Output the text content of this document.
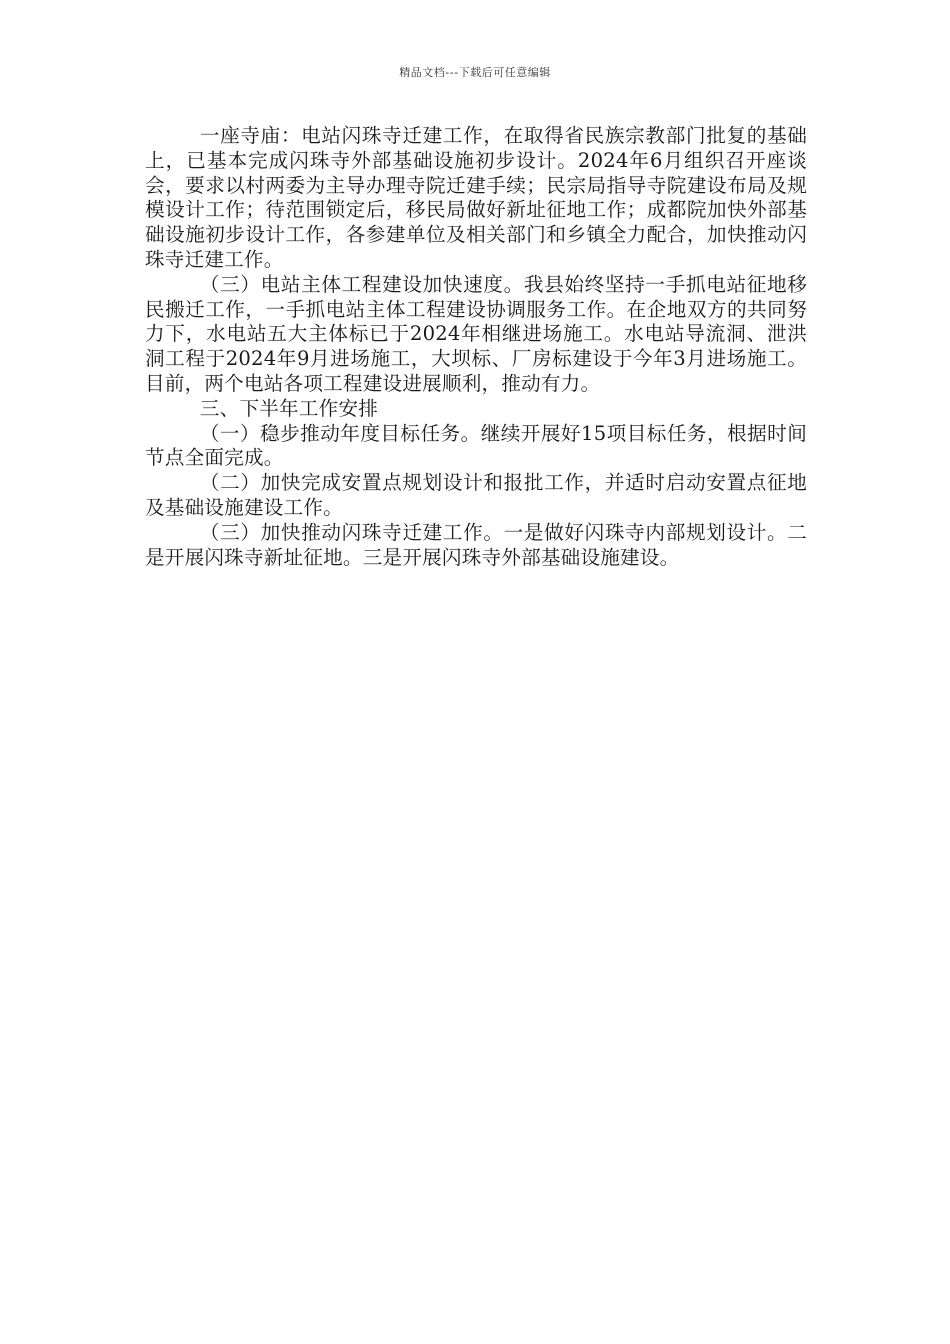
精品文档---下载后可任意编辑

一座寺庙：电站闪珠寺迁建工作，在取得省民族宗教部门批复的基础上，已基本完成闪珠寺外部基础设施初步设计。2024年6月组织召开座谈会，要求以村两委为主导办理寺院迁建手续；民宗局指导寺院建设布局及规模设计工作；待范围锁定后，移民局做好新址征地工作；成都院加快外部基础设施初步设计工作，各参建单位及相关部门和乡镇全力配合，加快推动闪珠寺迁建工作。

（三）电站主体工程建设加快速度。我县始终坚持一手抓电站征地移民搬迁工作，一手抓电站主体工程建设协调服务工作。在企地双方的共同努力下，水电站五大主体标已于2024年相继进场施工。水电站导流洞、泄洪洞工程于2024年9月进场施工，大坝标、厂房标建设于今年3月进场施工。目前，两个电站各项工程建设进展顺利，推动有力。

三、下半年工作安排

（一）稳步推动年度目标任务。继续开展好15项目标任务，根据时间节点全面完成。

（二）加快完成安置点规划设计和报批工作，并适时启动安置点征地及基础设施建设工作。

（三）加快推动闪珠寺迁建工作。一是做好闪珠寺内部规划设计。二是开展闪珠寺新址征地。三是开展闪珠寺外部基础设施建设。
